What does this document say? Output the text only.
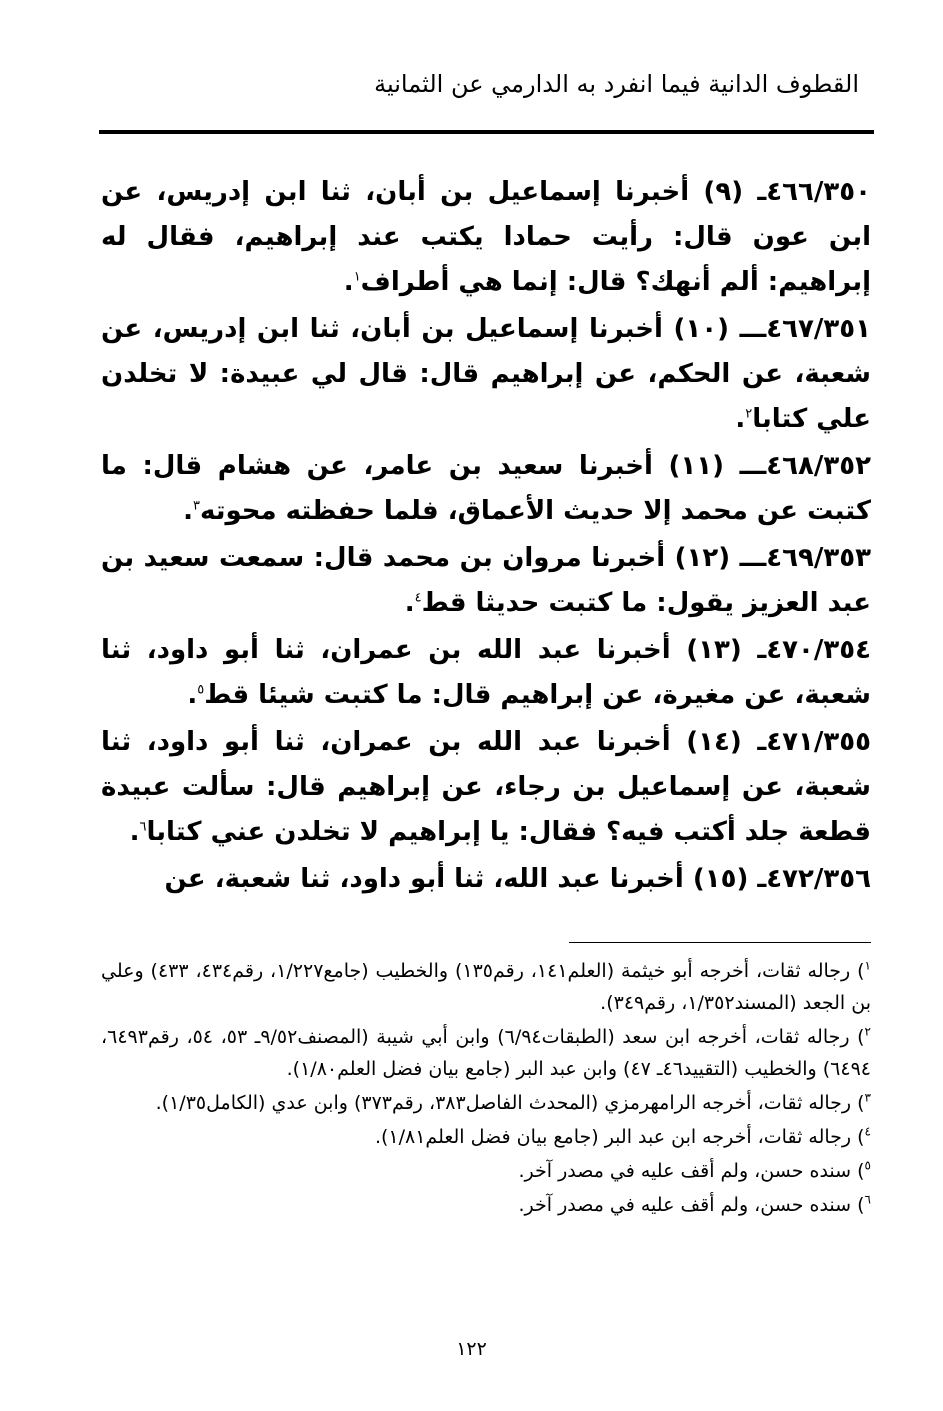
القطوف الدانية فيما انفرد به الدارمي عن الثمانية

٤٦٦/٣٥٠ـ (٩) أخبرنا إسماعيل بن أبان، ثنا ابن إدريس، عن ابن عون قال: رأيت حمادا يكتب عند إبراهيم، فقال له إبراهيم: ألم أنهك؟ قال: إنما هي أطراف$^١$.

٤٦٧/٣٥١ـــ (١٠) أخبرنا إسماعيل بن أبان، ثنا ابن إدريس، عن شعبة، عن الحكم، عن إبراهيم قال: قال لي عبيدة: لا تخلدن علي كتابا$^٢$.

٤٦٨/٣٥٢ـــ (١١) أخبرنا سعيد بن عامر، عن هشام قال: ما كتبت عن محمد إلا حديث الأعماق، فلما حفظته محوته$^٣$.

٤٦٩/٣٥٣ـــ (١٢) أخبرنا مروان بن محمد قال: سمعت سعيد بن عبد العزيز يقول: ما كتبت حديثا قط$^٤$.

٤٧٠/٣٥٤ـ (١٣) أخبرنا عبد الله بن عمران، ثنا أبو داود، ثنا شعبة، عن مغيرة، عن إبراهيم قال: ما كتبت شيئا قط$^٥$.

٤٧١/٣٥٥ـ (١٤) أخبرنا عبد الله بن عمران، ثنا أبو داود، ثنا شعبة، عن إسماعيل بن رجاء، عن إبراهيم قال: سألت عبيدة قطعة جلد أكتب فيه؟ فقال: يا إبراهيم لا تخلدن عني كتابا$^٦$.

٤٧٢/٣٥٦ـ (١٥) أخبرنا عبد الله، ثنا أبو داود، ثنا شعبة، عن

$^١$) رجاله ثقات، أخرجه أبو خيثمة (العلم١٤١، رقم١٣٥) والخطيب (جامع١/٢٢٧، رقم٤٣٤، ٤٣٣) وعلي بن الجعد (المسند١/٣٥٢، رقم٣٤٩).

$^٢$) رجاله ثقات، أخرجه ابن سعد (الطبقات٦/٩٤) وابن أبي شيبة (المصنف٩/٥٢ـ ٥٣، ٥٤، رقم٦٤٩٣، ٦٤٩٤) والخطيب (التقييد٤٦ـ ٤٧) وابن عبد البر (جامع بيان فضل العلم١/٨٠).

$^٣$) رجاله ثقات، أخرجه الرامهرمزي (المحدث الفاصل٣٨٣، رقم٣٧٣) وابن عدي (الكامل١/٣٥).

$^٤$) رجاله ثقات، أخرجه ابن عبد البر (جامع بيان فضل العلم١/٨١).

$^٥$) سنده حسن، ولم أقف عليه في مصدر آخر.

$^٦$) سنده حسن، ولم أقف عليه في مصدر آخر.

١٢٢
